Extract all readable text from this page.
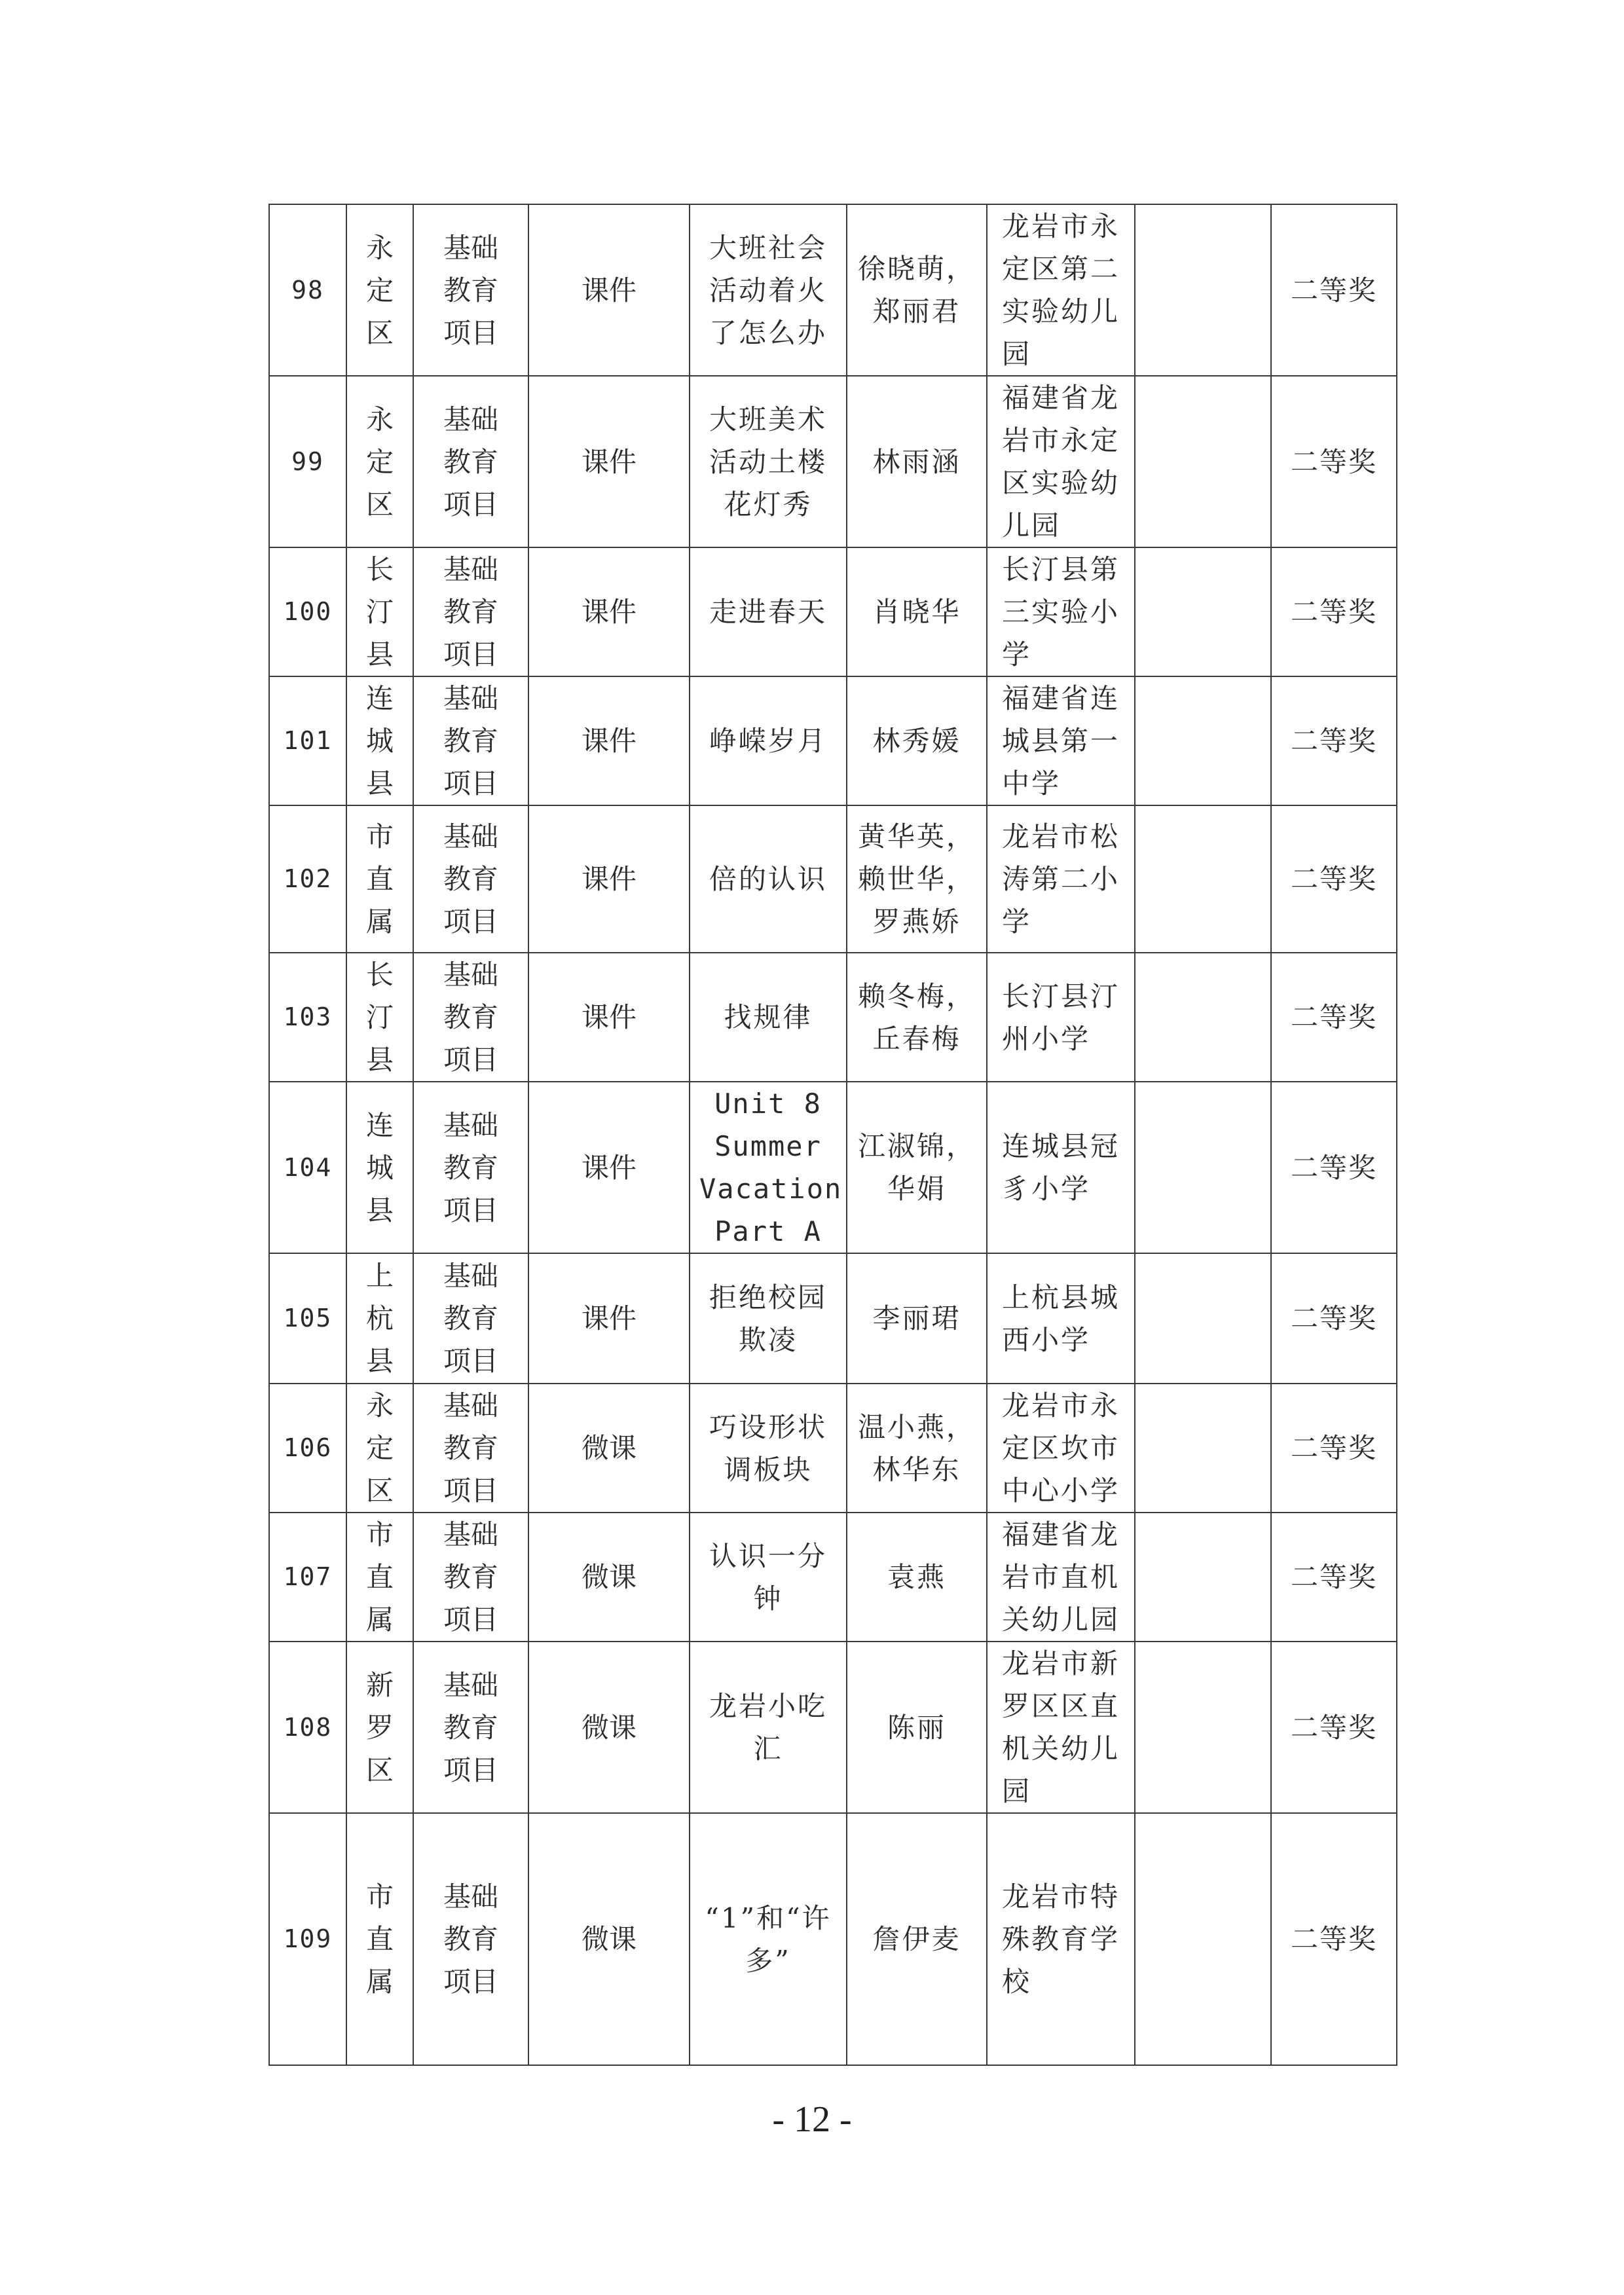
98	永定区	基础教育项目	课件	大班社会活动着火了怎么办	徐晓萌，郑丽君	龙岩市永定区第二实验幼儿园		二等奖
99	永定区	基础教育项目	课件	大班美术活动土楼花灯秀	林雨涵	福建省龙岩市永定区实验幼儿园		二等奖
100	长汀县	基础教育项目	课件	走进春天	肖晓华	长汀县第三实验小学		二等奖
101	连城县	基础教育项目	课件	峥嵘岁月	林秀媛	福建省连城县第一中学		二等奖
102	市直属	基础教育项目	课件	倍的认识	黄华英，赖世华，罗燕娇	龙岩市松涛第二小学		二等奖
103	长汀县	基础教育项目	课件	找规律	赖冬梅，丘春梅	长汀县汀州小学		二等奖
104	连城县	基础教育项目	课件	Unit 8 Summer Vacation Part A	江淑锦，华娟	连城县冠豸小学		二等奖
105	上杭县	基础教育项目	课件	拒绝校园欺凌	李丽珺	上杭县城西小学		二等奖
106	永定区	基础教育项目	微课	巧设形状调板块	温小燕，林华东	龙岩市永定区坎市中心小学		二等奖
107	市直属	基础教育项目	微课	认识一分钟	袁燕	福建省龙岩市直机关幼儿园		二等奖
108	新罗区	基础教育项目	微课	龙岩小吃汇	陈丽	龙岩市新罗区区直机关幼儿园		二等奖
109	市直属	基础教育项目	微课	“1”和“许多”	詹伊麦	龙岩市特殊教育学校		二等奖
- 12 -
